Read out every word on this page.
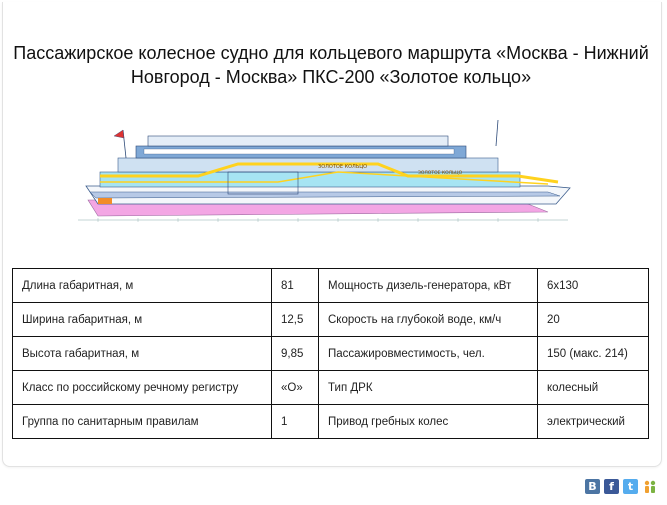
Пассажирское колесное судно для кольцевого маршрута «Москва - Нижний Новгород - Москва» ПКС-200 «Золотое кольцо»
ЗОЛОТОЕ КОЛЬЦО
ЗОЛОТОЕ КОЛЬЦО
Длина габаритная, м	81	Мощность дизель-генератора, кВт	6х130
Ширина габаритная, м	12,5	Скорость на глубокой воде, км/ч	20
Высота габаритная, м	9,85	Пассажировместимость, чел.	150 (макс. 214)
Класс по российскому речному регистру	«О»	Тип ДРК	колесный
Группа по санитарным правилам	1	Привод гребных колес	электрический
B	f	t
